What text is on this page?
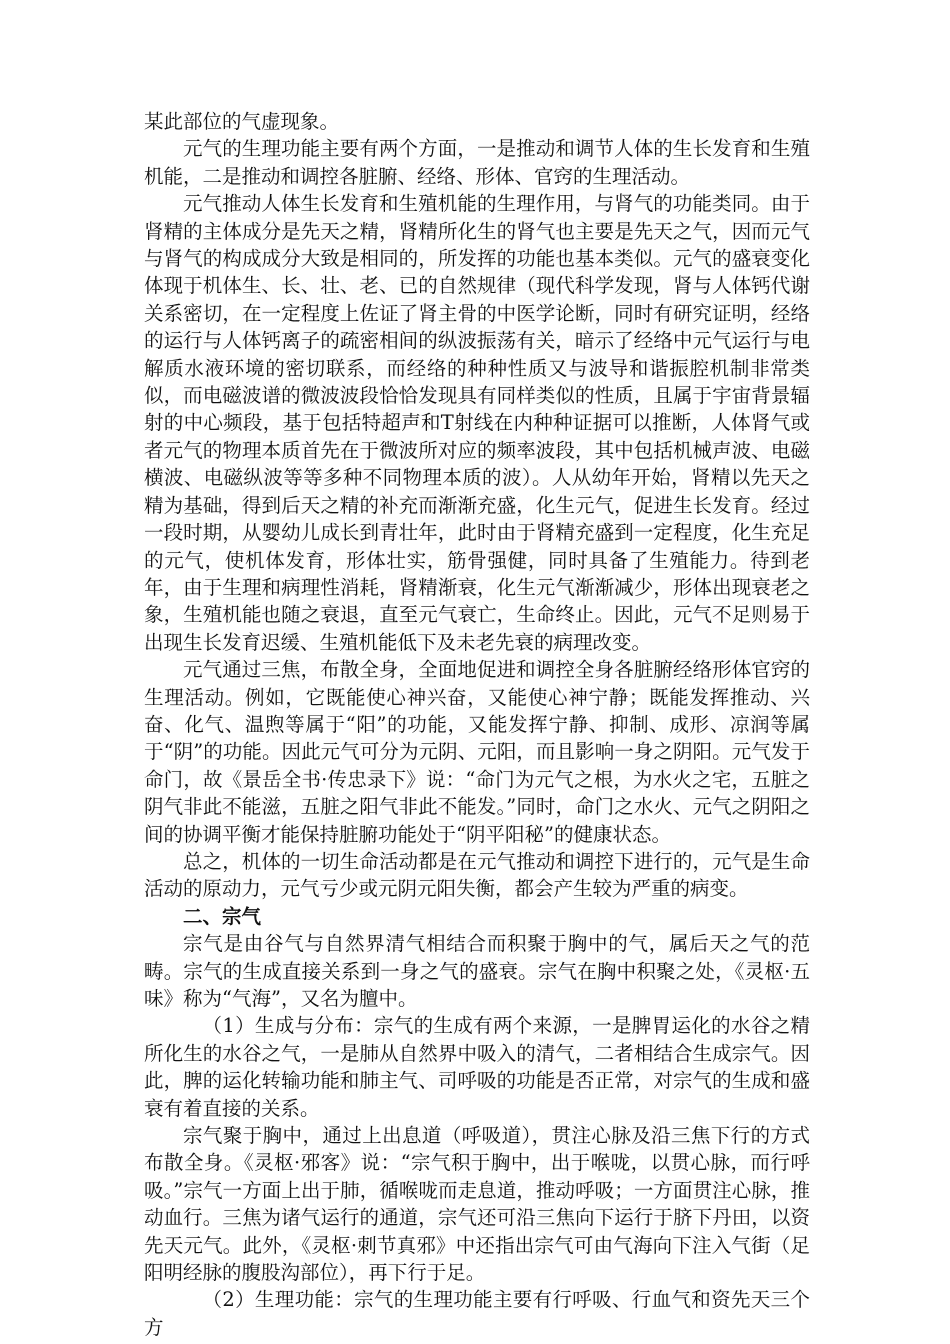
某此部位的气虚现象。

元气的生理功能主要有两个方面，一是推动和调节人体的生长发育和生殖机能，二是推动和调控各脏腑、经络、形体、官窍的生理活动。

元气推动人体生长发育和生殖机能的生理作用，与肾气的功能类同。由于肾精的主体成分是先天之精，肾精所化生的肾气也主要是先天之气，因而元气与肾气的构成成分大致是相同的，所发挥的功能也基本类似。元气的盛衰变化体现于机体生、长、壮、老、已的自然规律（现代科学发现，肾与人体钙代谢关系密切，在一定程度上佐证了肾主骨的中医学论断，同时有研究证明，经络的运行与人体钙离子的疏密相间的纵波振荡有关，暗示了经络中元气运行与电解质水液环境的密切联系，而经络的种种性质又与波导和谐振腔机制非常类似，而电磁波谱的微波波段恰恰发现具有同样类似的性质，且属于宇宙背景辐射的中心频段，基于包括特超声和T射线在内种种证据可以推断，人体肾气或者元气的物理本质首先在于微波所对应的频率波段，其中包括机械声波、电磁横波、电磁纵波等等多种不同物理本质的波）。人从幼年开始，肾精以先天之精为基础，得到后天之精的补充而渐渐充盛，化生元气，促进生长发育。经过一段时期，从婴幼儿成长到青壮年，此时由于肾精充盛到一定程度，化生充足的元气，使机体发育，形体壮实，筋骨强健，同时具备了生殖能力。待到老年，由于生理和病理性消耗，肾精渐衰，化生元气渐渐减少，形体出现衰老之象，生殖机能也随之衰退，直至元气衰亡，生命终止。因此，元气不足则易于出现生长发育迟缓、生殖机能低下及未老先衰的病理改变。

元气通过三焦，布散全身，全面地促进和调控全身各脏腑经络形体官窍的生理活动。例如，它既能使心神兴奋，又能使心神宁静；既能发挥推动、兴奋、化气、温煦等属于“阳”的功能，又能发挥宁静、抑制、成形、凉润等属于“阴”的功能。因此元气可分为元阴、元阳，而且影响一身之阴阳。元气发于命门，故《景岳全书·传忠录下》说：“命门为元气之根，为水火之宅，五脏之阴气非此不能滋，五脏之阳气非此不能发。”同时，命门之水火、元气之阴阳之间的协调平衡才能保持脏腑功能处于“阴平阳秘”的健康状态。

总之，机体的一切生命活动都是在元气推动和调控下进行的，元气是生命活动的原动力，元气亏少或元阴元阳失衡，都会产生较为严重的病变。

二、宗气

宗气是由谷气与自然界清气相结合而积聚于胸中的气，属后天之气的范畴。宗气的生成直接关系到一身之气的盛衰。宗气在胸中积聚之处，《灵枢·五味》称为“气海”，又名为膻中。

（1）生成与分布：宗气的生成有两个来源，一是脾胃运化的水谷之精所化生的水谷之气，一是肺从自然界中吸入的清气，二者相结合生成宗气。因此，脾的运化转输功能和肺主气、司呼吸的功能是否正常，对宗气的生成和盛衰有着直接的关系。

宗气聚于胸中，通过上出息道（呼吸道），贯注心脉及沿三焦下行的方式布散全身。《灵枢·邪客》说：“宗气积于胸中，出于喉咙，以贯心脉，而行呼吸。”宗气一方面上出于肺，循喉咙而走息道，推动呼吸；一方面贯注心脉，推动血行。三焦为诸气运行的通道，宗气还可沿三焦向下运行于脐下丹田，以资先天元气。此外，《灵枢·刺节真邪》中还指出宗气可由气海向下注入气街（足阳明经脉的腹股沟部位），再下行于足。

（2）生理功能：宗气的生理功能主要有行呼吸、行血气和资先天三个方
